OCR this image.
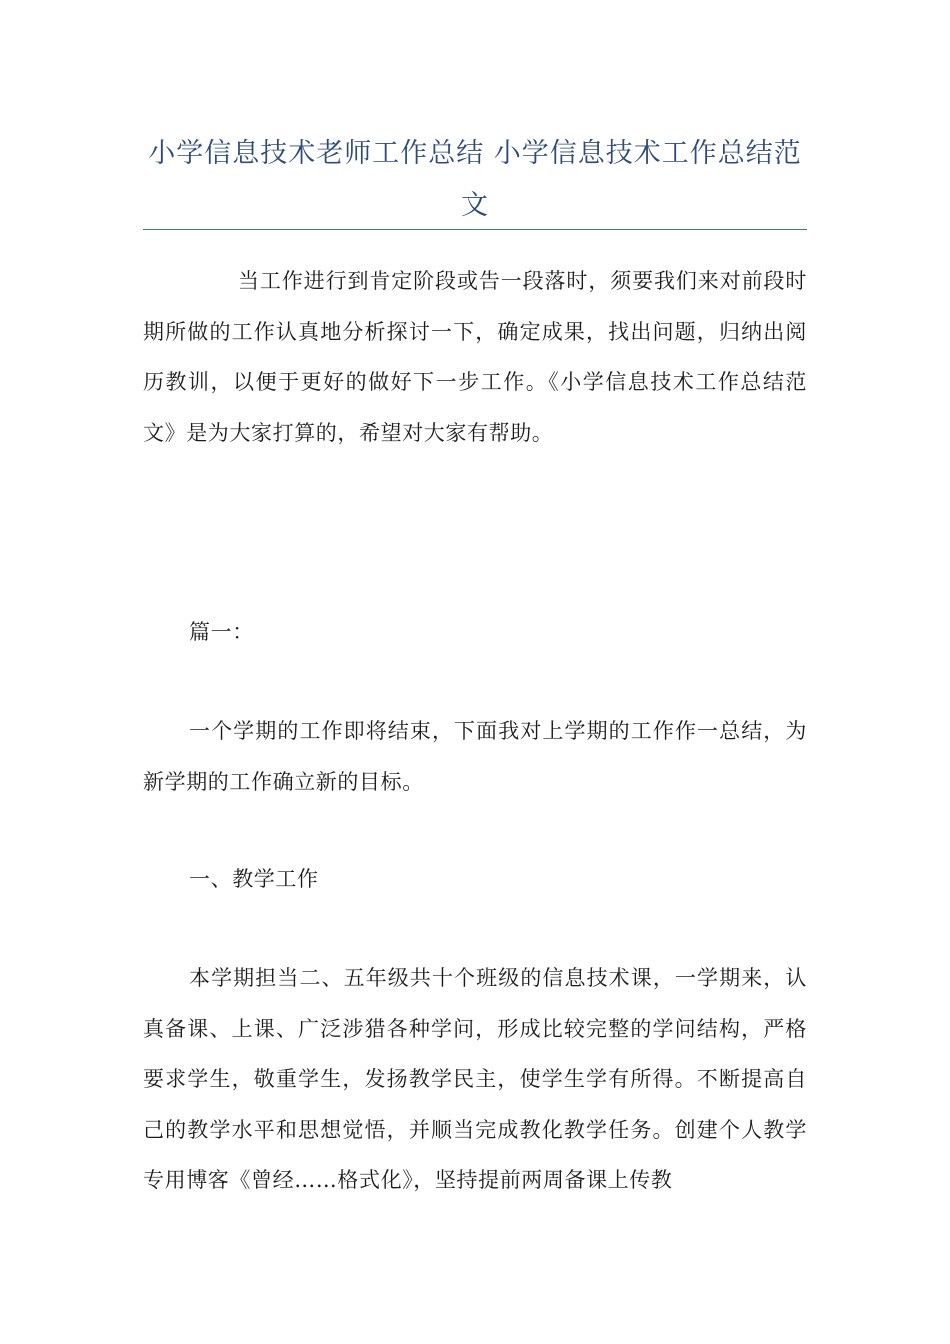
小学信息技术老师工作总结 小学信息技术工作总结范文

当工作进行到肯定阶段或告一段落时，须要我们来对前段时期所做的工作认真地分析探讨一下，确定成果，找出问题，归纳出阅历教训，以便于更好的做好下一步工作。《小学信息技术工作总结范文》是为大家打算的，希望对大家有帮助。

篇一：

一个学期的工作即将结束，下面我对上学期的工作作一总结，为新学期的工作确立新的目标。

一、教学工作

本学期担当二、五年级共十个班级的信息技术课，一学期来，认真备课、上课、广泛涉猎各种学问，形成比较完整的学问结构，严格要求学生，敬重学生，发扬教学民主，使学生学有所得。不断提高自己的教学水平和思想觉悟，并顺当完成教化教学任务。创建个人教学专用博客《曾经……格式化》，坚持提前两周备课上传教
